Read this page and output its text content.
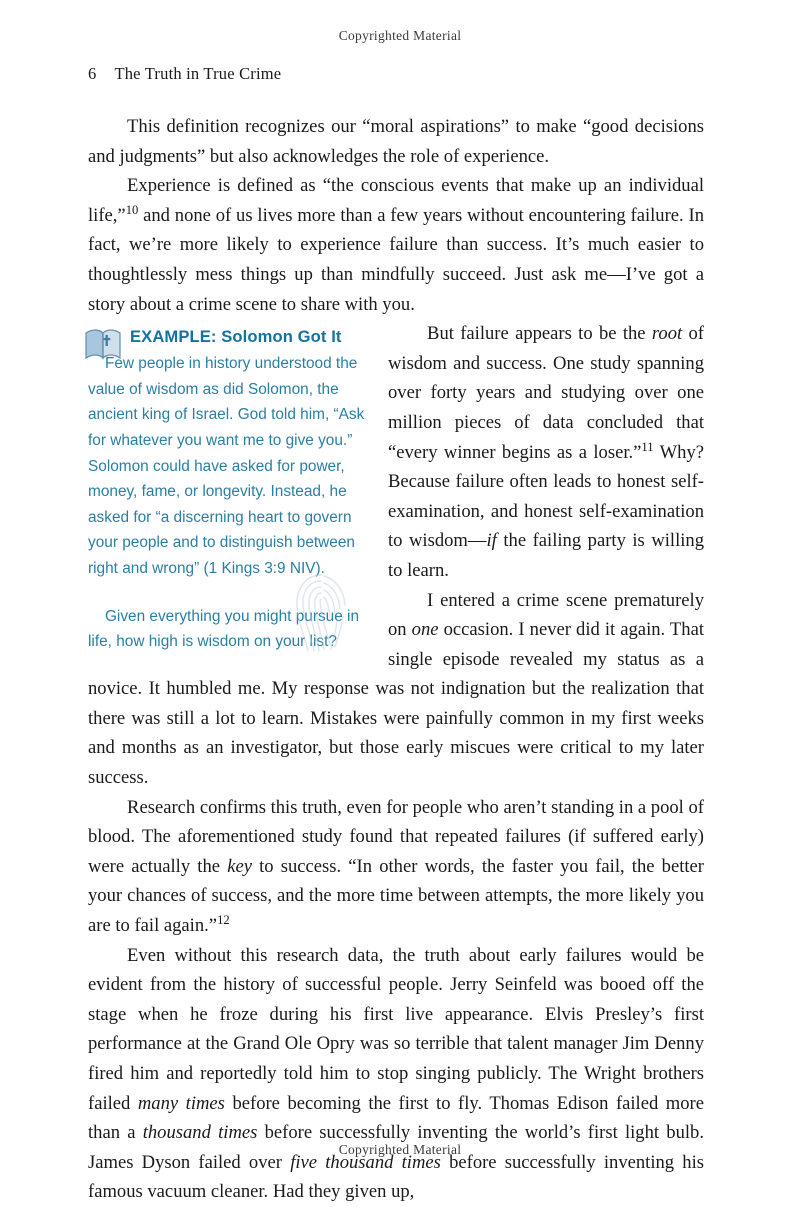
Copyrighted Material
6 The Truth in True Crime

This definition recognizes our “moral aspirations” to make “good decisions and judgments” but also acknowledges the role of experience.

Experience is defined as “the conscious events that make up an individual life,”$^{10}$ and none of us lives more than a few years without encountering failure. In fact, we’re more likely to experience failure than success. It’s much easier to thoughtlessly mess things up than mindfully succeed. Just ask me—I’ve got a story about a crime scene to share with you.

EXAMPLE: Solomon Got It

Few people in history understood the value of wisdom as did Solomon, the ancient king of Israel. God told him, “Ask for whatever you want me to give you.” Solomon could have asked for power, money, fame, or longevity. Instead, he asked for “a discerning heart to govern your people and to distinguish between right and wrong” (1 Kings 3:9 NIV).

Given everything you might pursue in life, how high is wisdom on your list?

But failure appears to be the root of wisdom and success. One study spanning over forty years and studying over one million pieces of data concluded that “every winner begins as a loser.”$^{11}$ Why? Because failure often leads to honest self-examination, and honest self-examination to wisdom—if the failing party is willing to learn.

I entered a crime scene prematurely on one occasion. I never did it again. That single episode revealed my status as a novice. It humbled me. My response was not indignation but the realization that there was still a lot to learn. Mistakes were painfully common in my first weeks and months as an investigator, but those early miscues were critical to my later success.

Research confirms this truth, even for people who aren’t standing in a pool of blood. The aforementioned study found that repeated failures (if suffered early) were actually the key to success. “In other words, the faster you fail, the better your chances of success, and the more time between attempts, the more likely you are to fail again.”$^{12}$

Even without this research data, the truth about early failures would be evident from the history of successful people. Jerry Seinfeld was booed off the stage when he froze during his first live appearance. Elvis Presley’s first performance at the Grand Ole Opry was so terrible that talent manager Jim Denny fired him and reportedly told him to stop singing publicly. The Wright brothers failed many times before becoming the first to fly. Thomas Edison failed more than a thousand times before successfully inventing the world’s first light bulb. James Dyson failed over five thousand times before successfully inventing his famous vacuum cleaner. Had they given up,

Copyrighted Material
